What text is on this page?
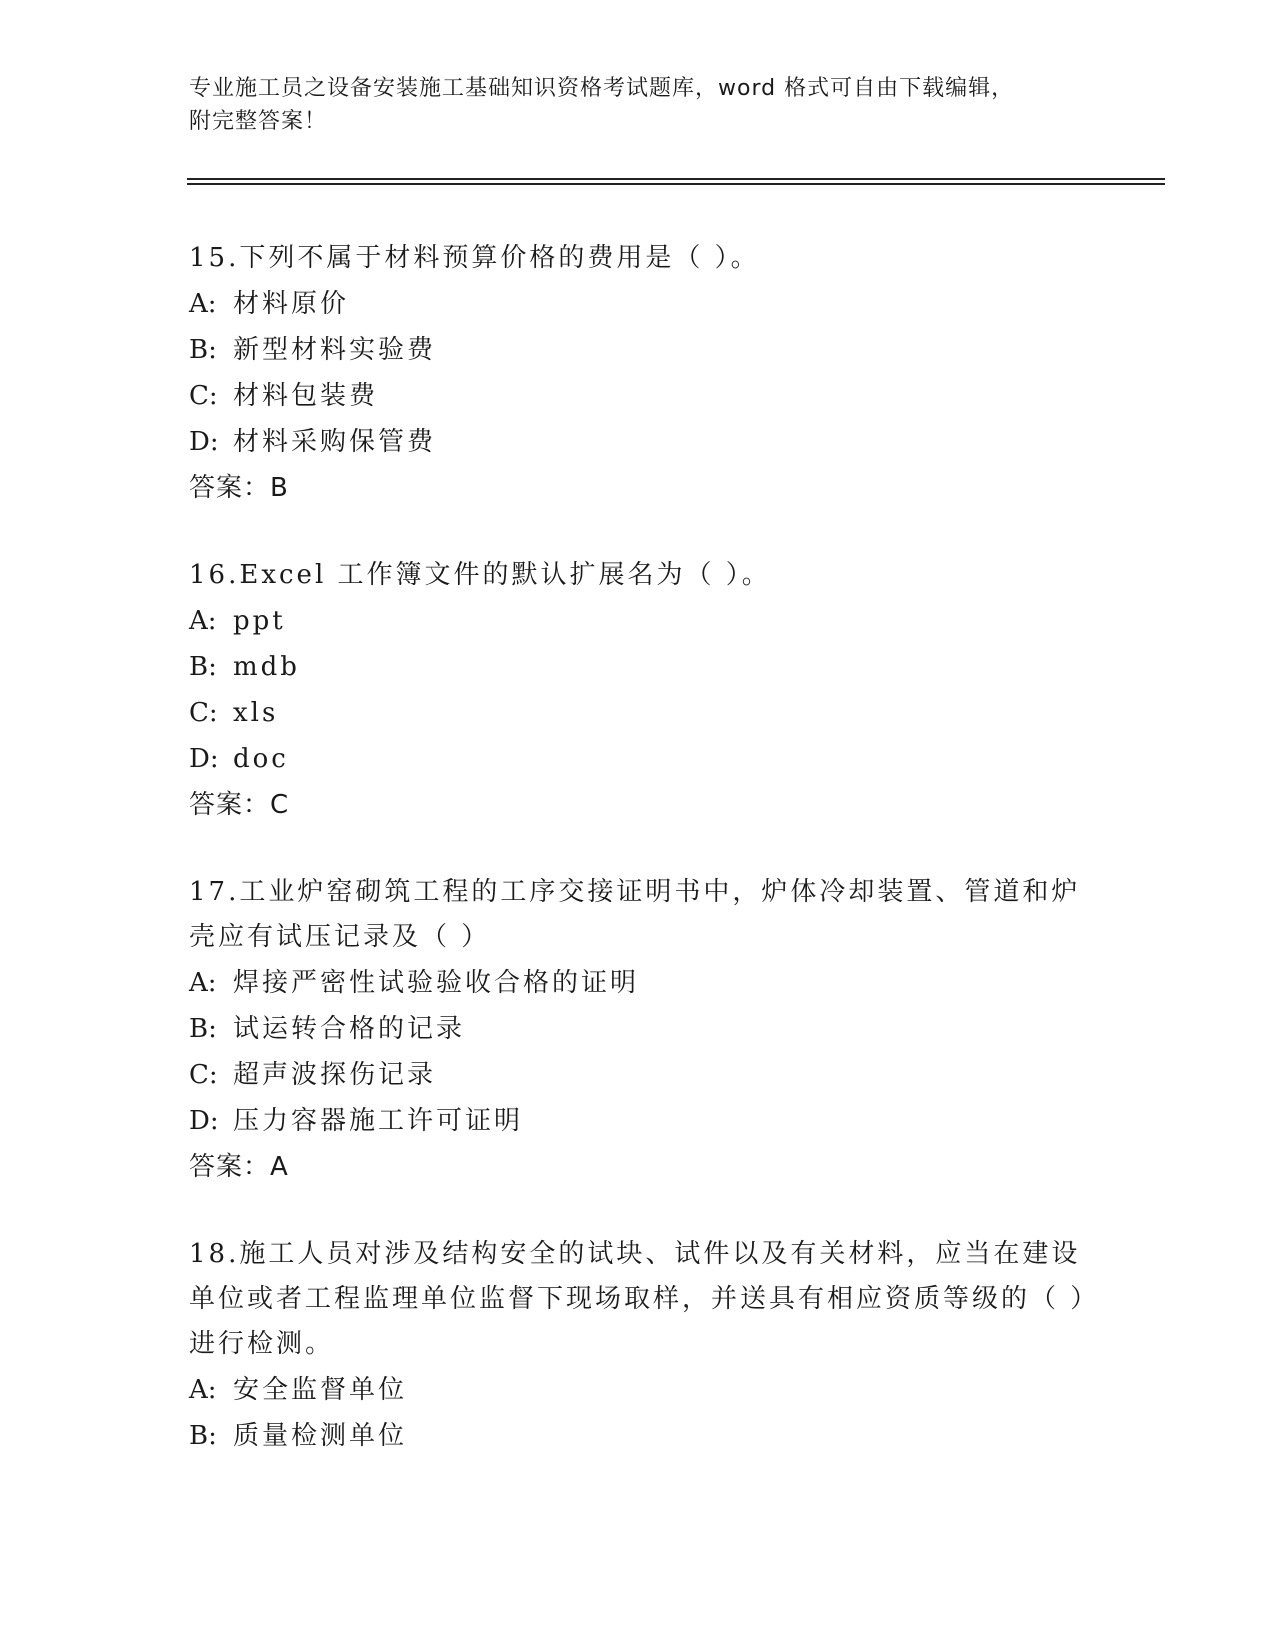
专业施工员之设备安装施工基础知识资格考试题库，word 格式可自由下载编辑，
附完整答案！
15.下列不属于材料预算价格的费用是（ ）。
A: 材料原价
B: 新型材料实验费
C: 材料包装费
D: 材料采购保管费
答案：B
16.Excel 工作簿文件的默认扩展名为（ ）。
A: ppt
B: mdb
C: xls
D: doc
答案：C
17.工业炉窑砌筑工程的工序交接证明书中，炉体冷却装置、管道和炉壳应有试压记录及（ ）
A: 焊接严密性试验验收合格的证明
B: 试运转合格的记录
C: 超声波探伤记录
D: 压力容器施工许可证明
答案：A
18.施工人员对涉及结构安全的试块、试件以及有关材料，应当在建设单位或者工程监理单位监督下现场取样，并送具有相应资质等级的（ ）进行检测。
A: 安全监督单位
B: 质量检测单位
